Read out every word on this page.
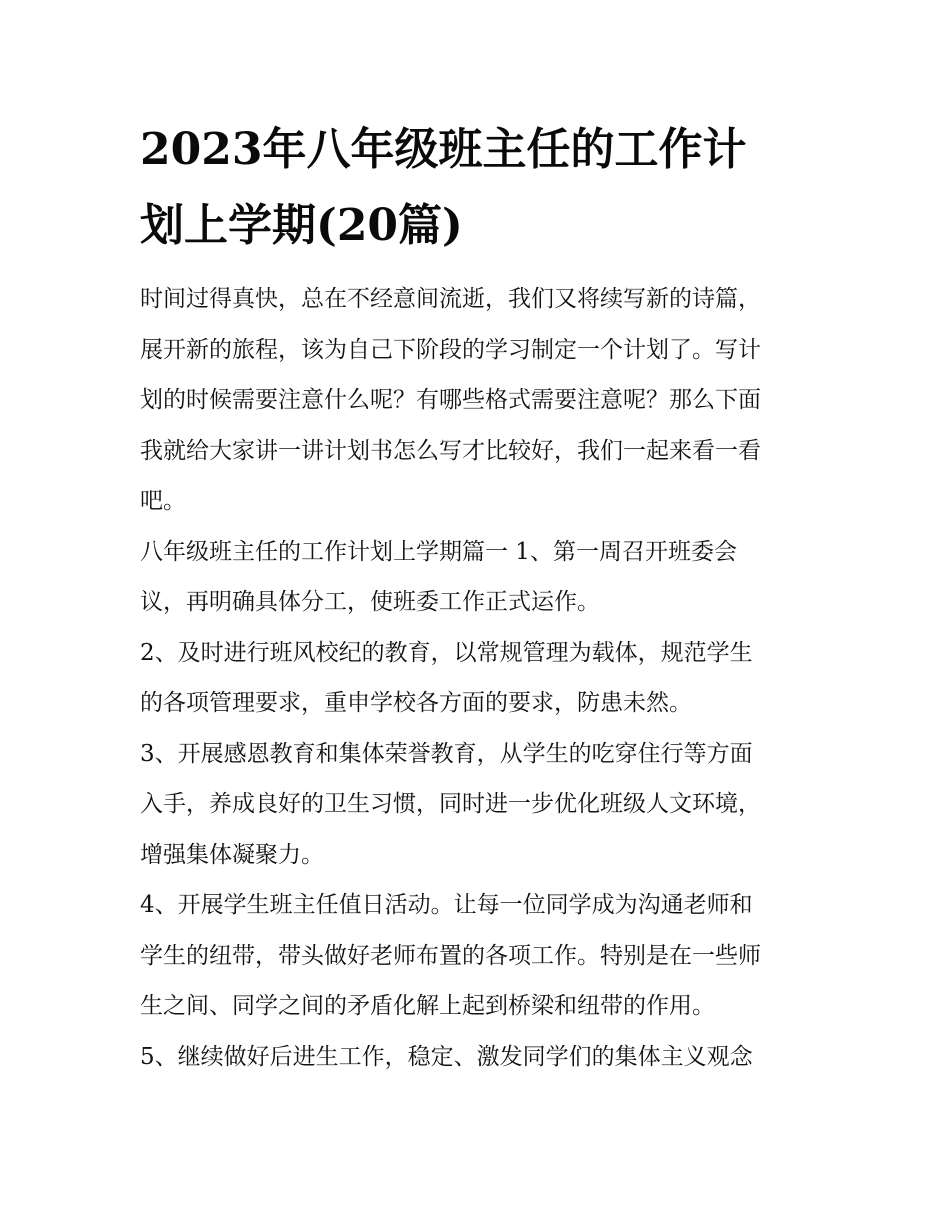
2023年八年级班主任的工作计
划上学期(20篇)

时间过得真快，总在不经意间流逝，我们又将续写新的诗篇，
展开新的旅程，该为自己下阶段的学习制定一个计划了。写计
划的时候需要注意什么呢？有哪些格式需要注意呢？那么下面
我就给大家讲一讲计划书怎么写才比较好，我们一起来看一看
吧。

八年级班主任的工作计划上学期篇一 1、第一周召开班委会
议，再明确具体分工，使班委工作正式运作。

2、及时进行班风校纪的教育，以常规管理为载体，规范学生
的各项管理要求，重申学校各方面的要求，防患未然。

3、开展感恩教育和集体荣誉教育，从学生的吃穿住行等方面
入手，养成良好的卫生习惯，同时进一步优化班级人文环境，
增强集体凝聚力。

4、开展学生班主任值日活动。让每一位同学成为沟通老师和
学生的纽带，带头做好老师布置的各项工作。特别是在一些师
生之间、同学之间的矛盾化解上起到桥梁和纽带的作用。

5、继续做好后进生工作，稳定、激发同学们的集体主义观念
